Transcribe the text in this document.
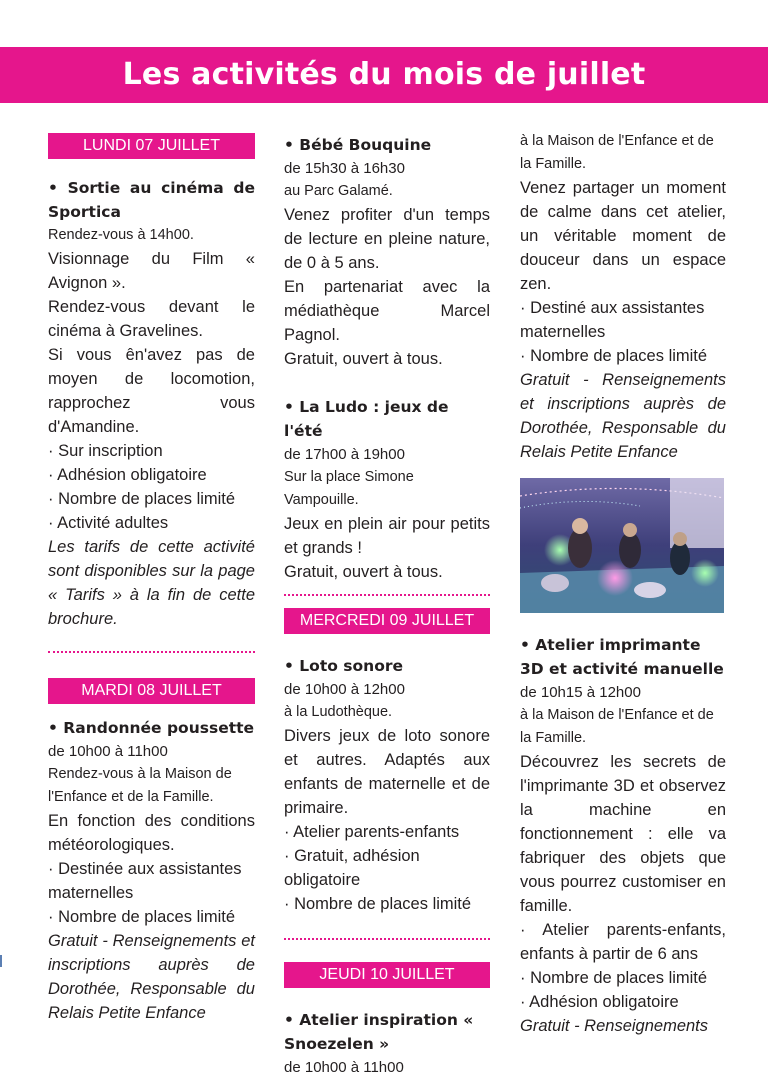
Les activités du mois de juillet
LUNDI 07 JUILLET
• Sortie au cinéma de Sportica
Rendez-vous à 14h00.
Visionnage du Film « Avignon ».
Rendez-vous devant le cinéma à Gravelines.
Si vous ên'avez pas de moyen de locomotion, rapprochez vous d'Amandine.
· Sur inscription
· Adhésion obligatoire
· Nombre de places limité
· Activité adultes
Les tarifs de cette activité sont disponibles sur la page « Tarifs » à la fin de cette brochure.
MARDI 08 JUILLET
• Randonnée poussette
de 10h00 à 11h00
Rendez-vous à la Maison de l'Enfance et de la Famille.
En fonction des conditions météorologiques.
· Destinée aux assistantes maternelles
· Nombre de places limité
Gratuit - Renseignements et inscriptions auprès de Dorothée, Responsable du Relais Petite Enfance
• Bébé Bouquine
de 15h30 à 16h30
au Parc Galamé.
Venez profiter d'un temps de lecture en pleine nature, de 0 à 5 ans.
En partenariat avec la médiathèque Marcel Pagnol.
Gratuit, ouvert à tous.
• La Ludo : jeux de l'été
de 17h00 à 19h00
Sur la place Simone Vampouille.
Jeux en plein air pour petits et grands !
Gratuit, ouvert à tous.
MERCREDI 09 JUILLET
• Loto sonore
de 10h00 à 12h00
à la Ludothèque.
Divers jeux de loto sonore et autres. Adaptés aux enfants de maternelle et de primaire.
· Atelier parents-enfants
· Gratuit, adhésion obligatoire
· Nombre de places limité
JEUDI 10 JUILLET
• Atelier inspiration « Snoezelen »
de 10h00 à 11h00
à la Maison de l'Enfance et de la Famille.
Venez partager un moment de calme dans cet atelier, un véritable moment de douceur dans un espace zen.
· Destiné aux assistantes maternelles
· Nombre de places limité
Gratuit - Renseignements et inscriptions auprès de Dorothée, Responsable du Relais Petite Enfance
• Atelier imprimante 3D et activité manuelle
de 10h15 à 12h00
à la Maison de l'Enfance et de la Famille.
Découvrez les secrets de l'imprimante 3D et observez la machine en fonctionnement : elle va fabriquer des objets que vous pourrez customiser en famille.
· Atelier parents-enfants, enfants à partir de 6 ans
· Nombre de places limité
· Adhésion obligatoire
Gratuit - Renseignements
